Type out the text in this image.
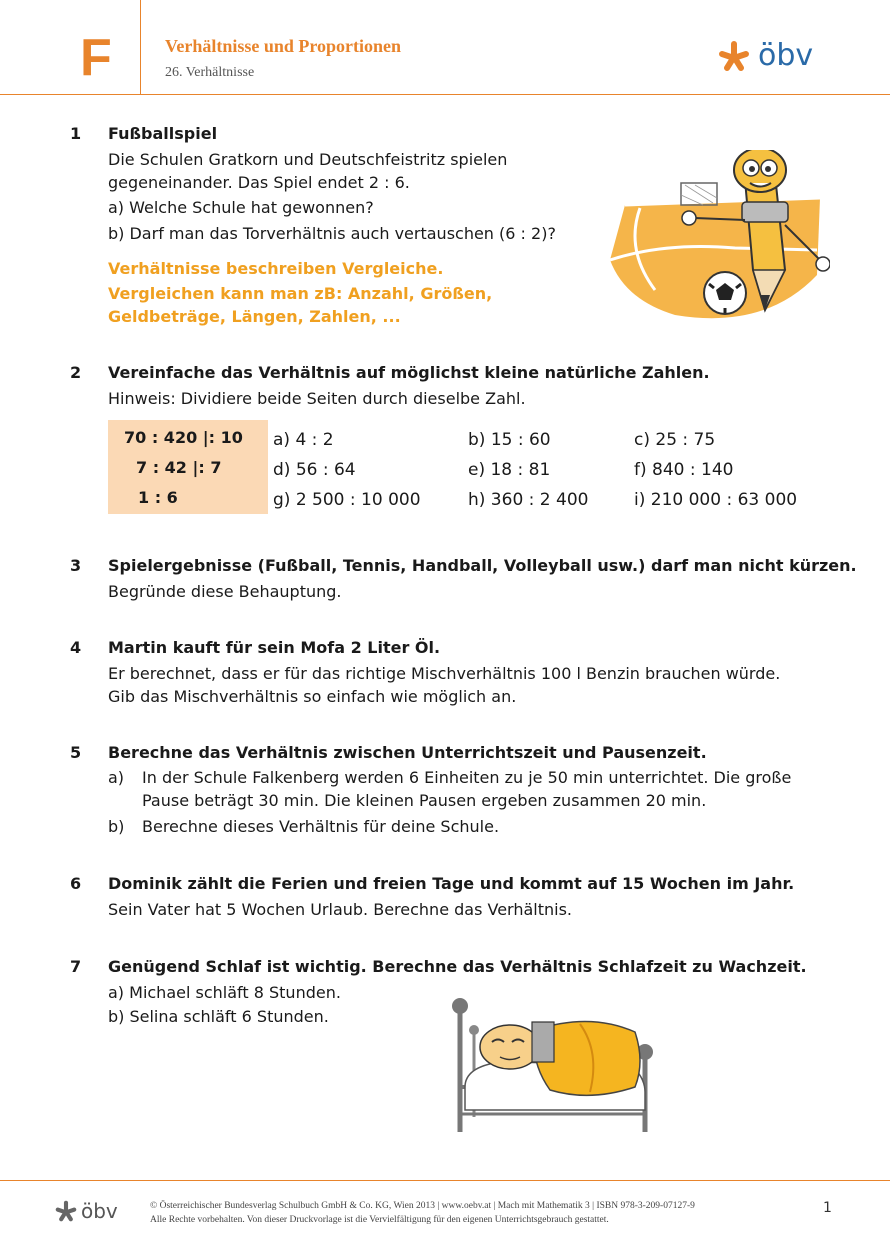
F	Verhältnisse und Proportionen
26. Verhältnisse	öbv
1 Fußballspiel
Die Schulen Gratkorn und Deutschfeistritz spielen
gegeneinander. Das Spiel endet 2 : 6.
a) Welche Schule hat gewonnen?
b) Darf man das Torverhältnis auch vertauschen (6 : 2)?
Verhältnisse beschreiben Vergleiche.
Vergleichen kann man zB: Anzahl, Größen,
Geldbeträge, Längen, Zahlen, ...
2 Vereinfache das Verhältnis auf möglichst kleine natürliche Zahlen.
Hinweis: Dividiere beide Seiten durch dieselbe Zahl.
70 : 420 |: 10
7 : 42 |: 7
1 : 6
a) 4 : 2	b) 15 : 60	c) 25 : 75
d) 56 : 64	e) 18 : 81	f) 840 : 140
g) 2 500 : 10 000	h) 360 : 2 400	i) 210 000 : 63 000
3 Spielergebnisse (Fußball, Tennis, Handball, Volleyball usw.) darf man nicht kürzen.
Begründe diese Behauptung.
4 Martin kauft für sein Mofa 2 Liter Öl.
Er berechnet, dass er für das richtige Mischverhältnis 100 l Benzin brauchen würde.
Gib das Mischverhältnis so einfach wie möglich an.
5 Berechne das Verhältnis zwischen Unterrichtszeit und Pausenzeit.
a) In der Schule Falkenberg werden 6 Einheiten zu je 50 min unterrichtet. Die große
Pause beträgt 30 min. Die kleinen Pausen ergeben zusammen 20 min.
b) Berechne dieses Verhältnis für deine Schule.
6 Dominik zählt die Ferien und freien Tage und kommt auf 15 Wochen im Jahr.
Sein Vater hat 5 Wochen Urlaub. Berechne das Verhältnis.
7 Genügend Schlaf ist wichtig. Berechne das Verhältnis Schlafzeit zu Wachzeit.
a) Michael schläft 8 Stunden.
b) Selina schläft 6 Stunden.
öbv	© Österreichischer Bundesverlag Schulbuch GmbH & Co. KG, Wien 2013 | www.oebv.at | Mach mit Mathematik 3 | ISBN 978-3-209-07127-9
Alle Rechte vorbehalten. Von dieser Druckvorlage ist die Vervielfältigung für den eigenen Unterrichtsgebrauch gestattet.
1
